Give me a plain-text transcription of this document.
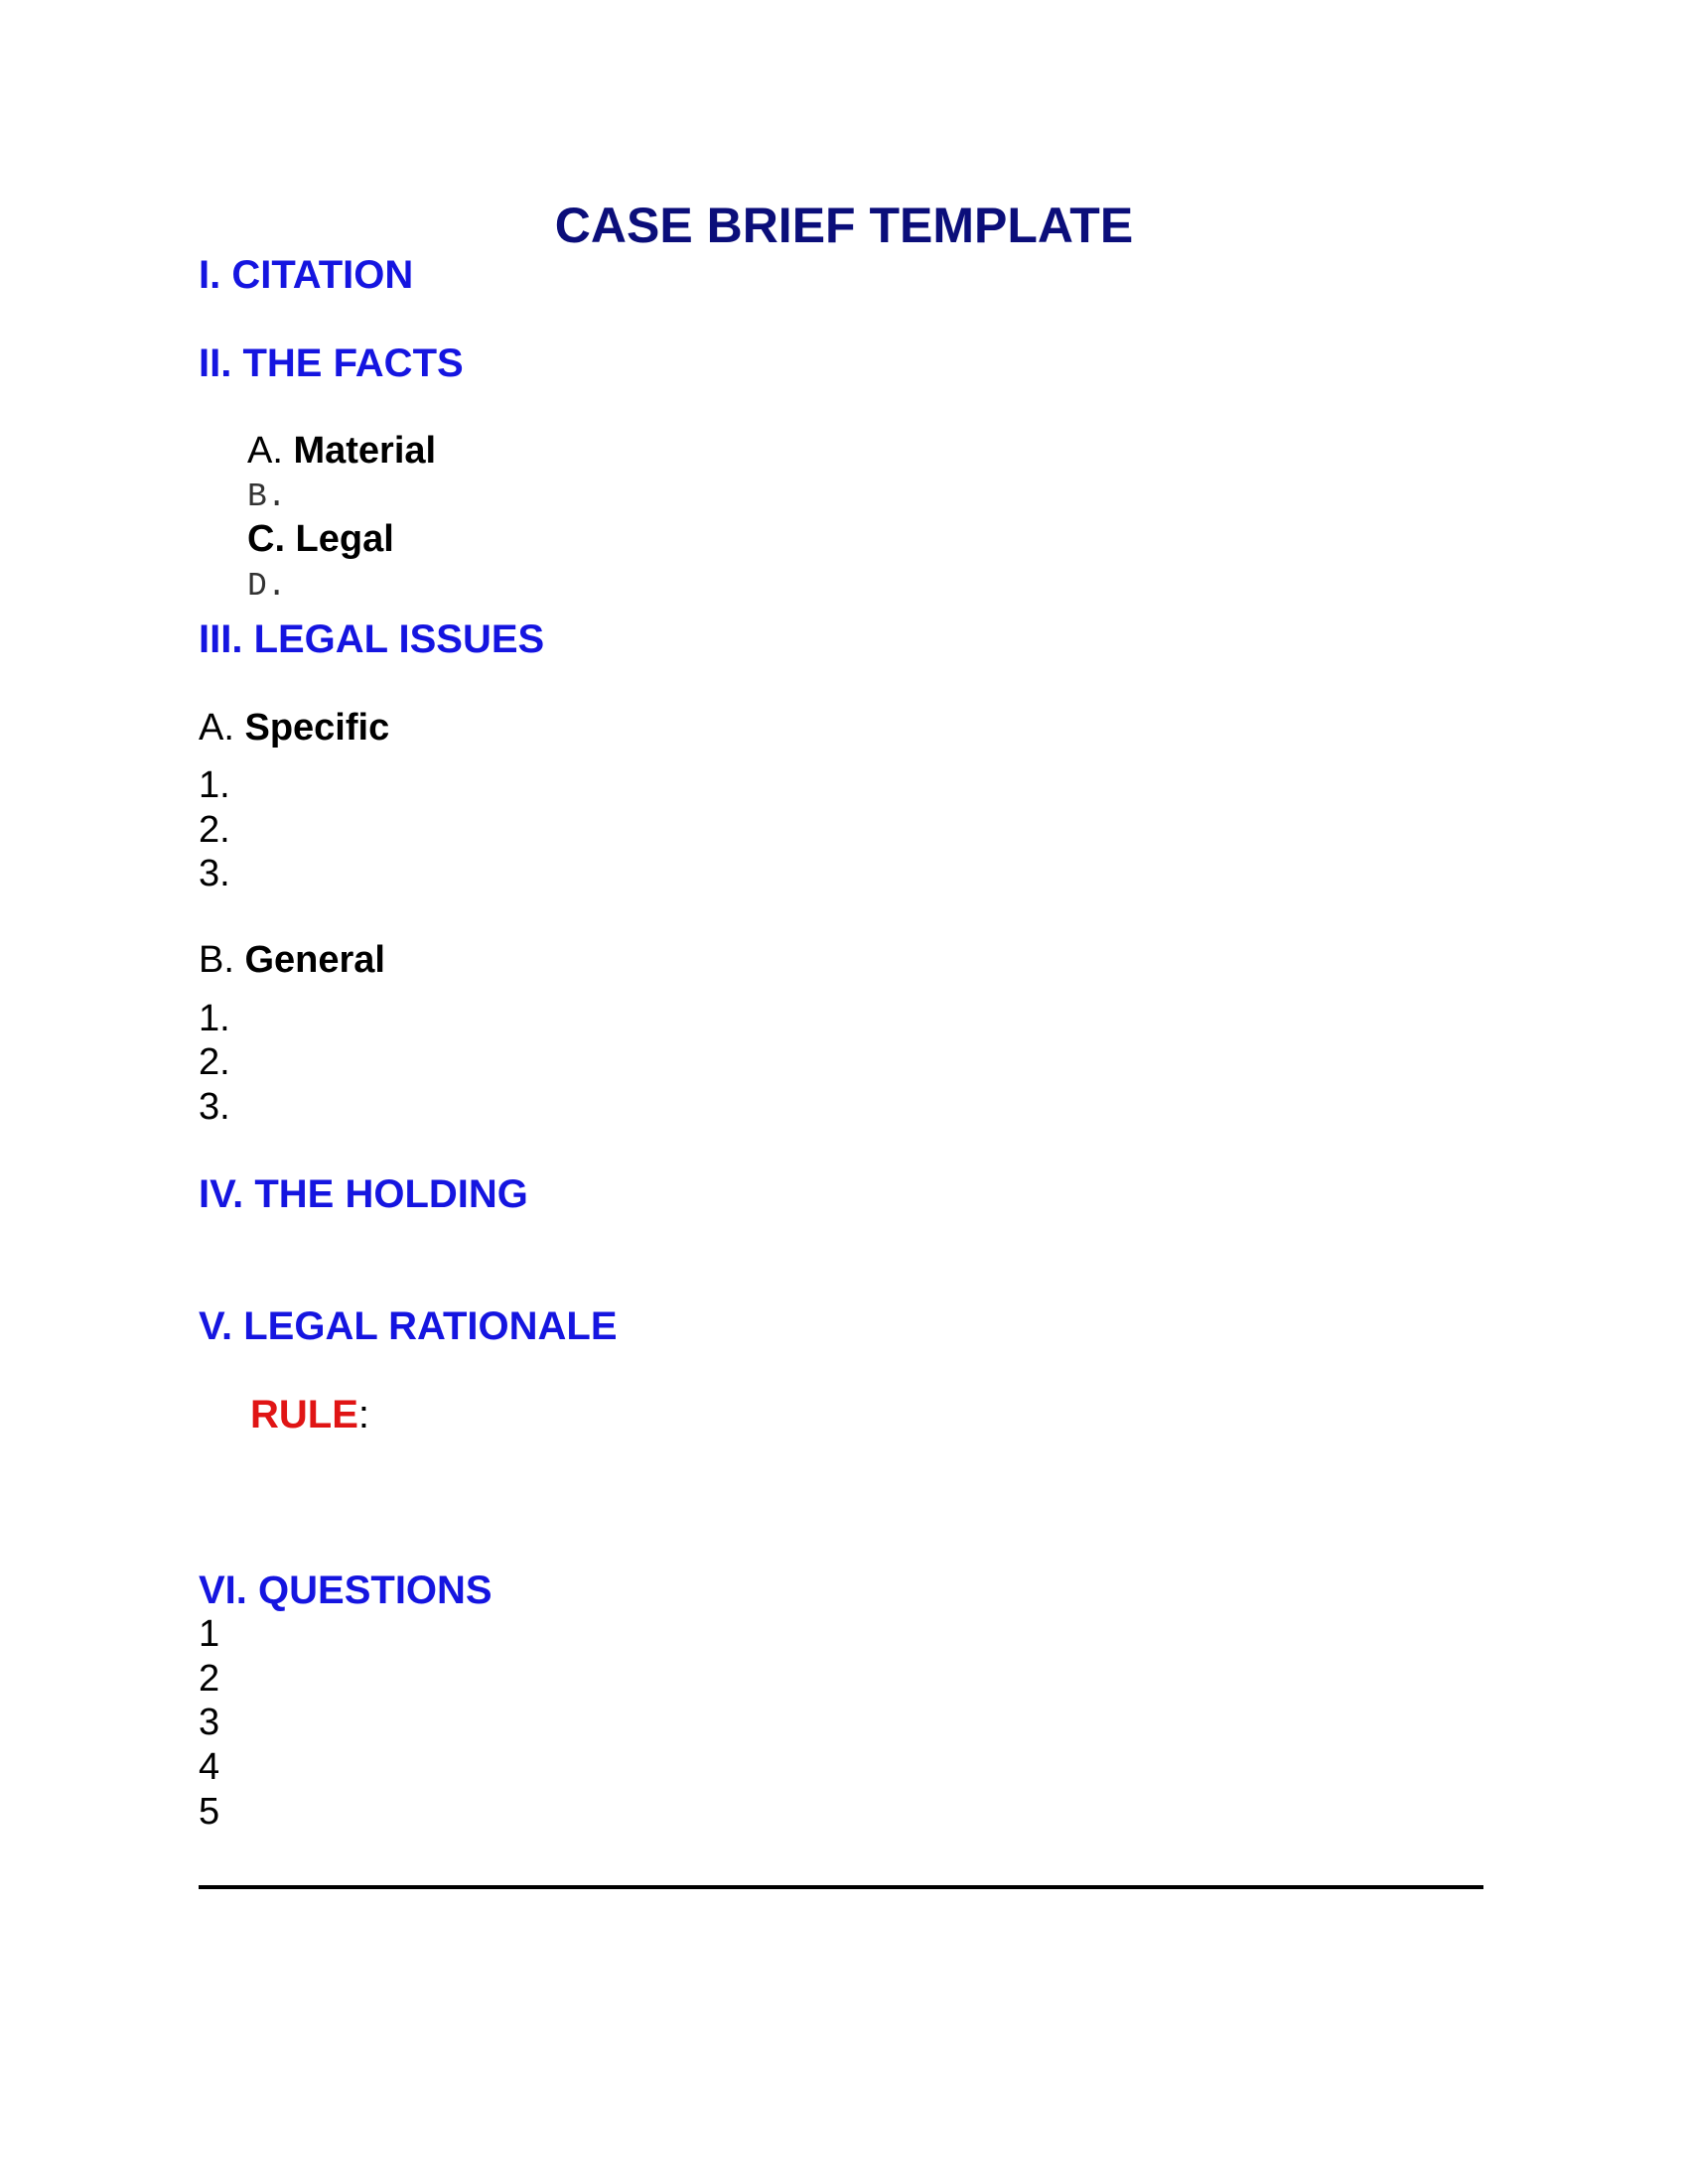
CASE BRIEF TEMPLATE
I. CITATION
II. THE FACTS
A. Material
B.
C. Legal
D.
III. LEGAL ISSUES
A. Specific
1.
2.
3.
B. General
1.
2.
3.
IV. THE HOLDING
V. LEGAL RATIONALE
RULE:
VI. QUESTIONS
1
2
3
4
5
